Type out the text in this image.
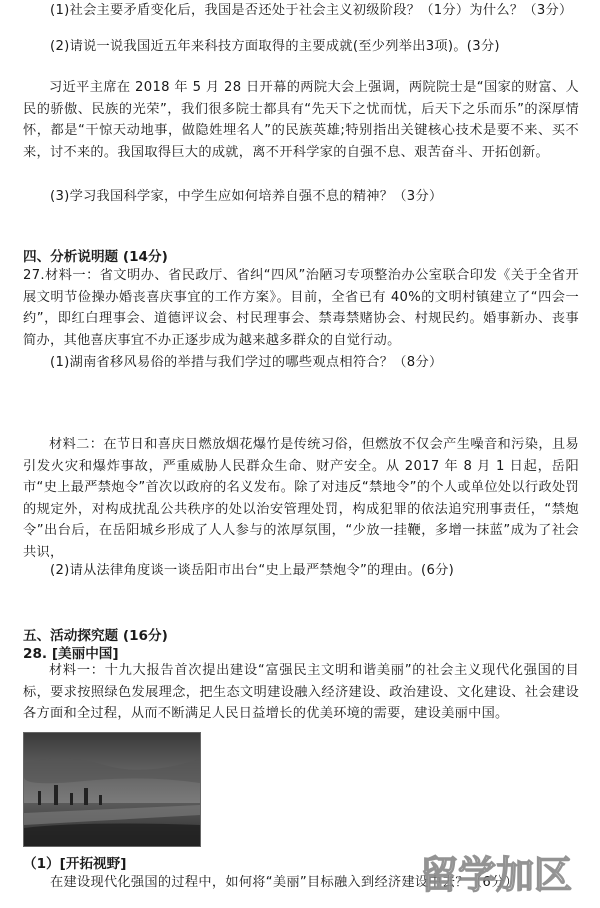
(1)社会主要矛盾变化后，我国是否还处于社会主义初级阶段？（1分）为什么？（3分）
(2)请说一说我国近五年来科技方面取得的主要成就(至少列举出3项)。(3分)

习近平主席在 2018 年 5 月 28 日开幕的两院大会上强调，两院院士是“国家的财富、人民的骄傲、民族的光荣”，我们很多院士都具有“先天下之忧而忧，后天下之乐而乐”的深厚情怀，都是“干惊天动地事，做隐姓埋名人”的民族英雄;特别指出关键核心技术是要不来、买不来，讨不来的。我国取得巨大的成就，离不开科学家的自强不息、艰苦奋斗、开拓创新。

(3)学习我国科学家，中学生应如何培养自强不息的精神？（3分）
四、分析说明题 (14分)

27.材料一：省文明办、省民政厅、省纠“四风”治陋习专项整治办公室联合印发《关于全省开展文明节俭操办婚丧喜庆事宜的工作方案》。目前，全省已有 40%的文明村镇建立了“四会一约”，即红白理事会、道德评议会、村民理事会、禁毒禁赌协会、村规民约。婚事新办、丧事简办，其他喜庆事宜不办正逐步成为越来越多群众的自觉行动。

(1)湖南省移风易俗的举措与我们学过的哪些观点相符合？（8分）

材料二：在节日和喜庆日燃放烟花爆竹是传统习俗，但燃放不仅会产生噪音和污染，且易引发火灾和爆炸事故，严重威胁人民群众生命、财产安全。从 2017 年 8 月 1 日起，岳阳市“史上最严禁炮令”首次以政府的名义发布。除了对违反“禁地令”的个人或单位处以行政处罚的规定外，对构成扰乱公共秩序的处以治安管理处罚，构成犯罪的依法追究刑事责任，“禁炮令”出台后，在岳阳城乡形成了人人参与的浓厚氛围，“少放一挂鞭，多增一抹蓝”成为了社会共识，

(2)请从法律角度谈一谈岳阳市出台“史上最严禁炮令”的理由。(6分)
五、活动探究题 (16分)
28. [美丽中国]

材料一：十九大报告首次提出建设“富强民主文明和谐美丽”的社会主义现代化强国的目标，要求按照绿色发展理念，把生态文明建设融入经济建设、政治建设、文化建设、社会建设各方面和全过程，从而不断满足人民日益增长的优美环境的需要，建设美丽中国。

（1）[开拓视野]
在建设现代化强国的过程中，如何将“美丽”目标融入到经济建设中去？（6分）
留学加区
